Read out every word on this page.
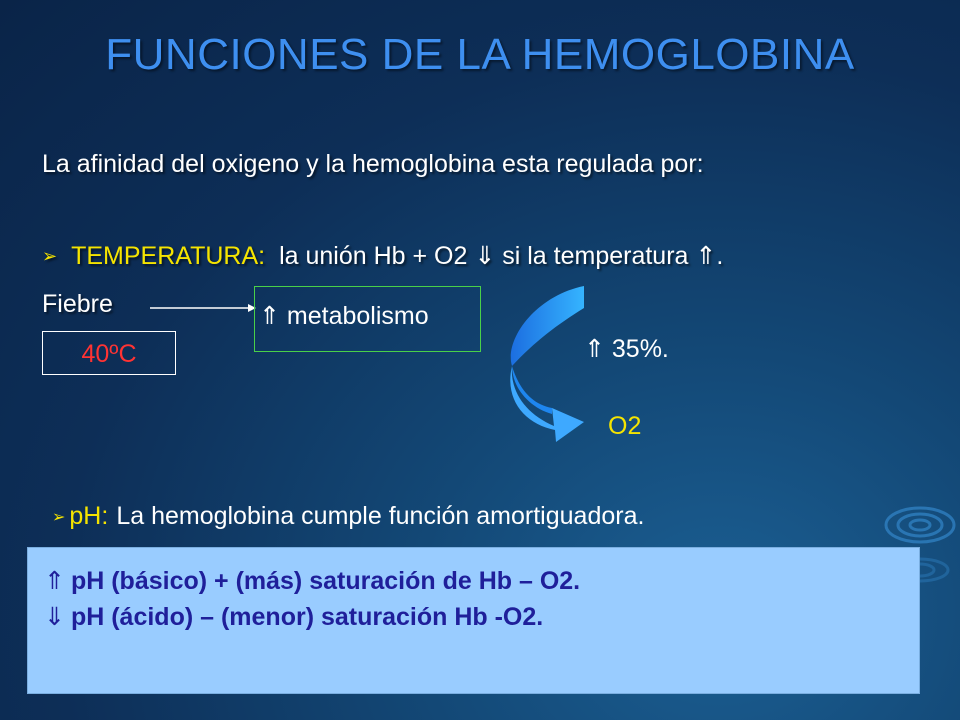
FUNCIONES DE LA HEMOGLOBINA
La afinidad del oxigeno y la hemoglobina esta regulada por:
➢ TEMPERATURA: la unión Hb + O2 ⇓ si la temperatura ⇑.
Fiebre
40ºC
⇑ metabolismo
⇑ 35%.
O2
➢ pH: La hemoglobina cumple función amortiguadora.
⇑ pH (básico) + (más) saturación de Hb – O2.
⇓ pH (ácido) – (menor) saturación Hb -O2.
